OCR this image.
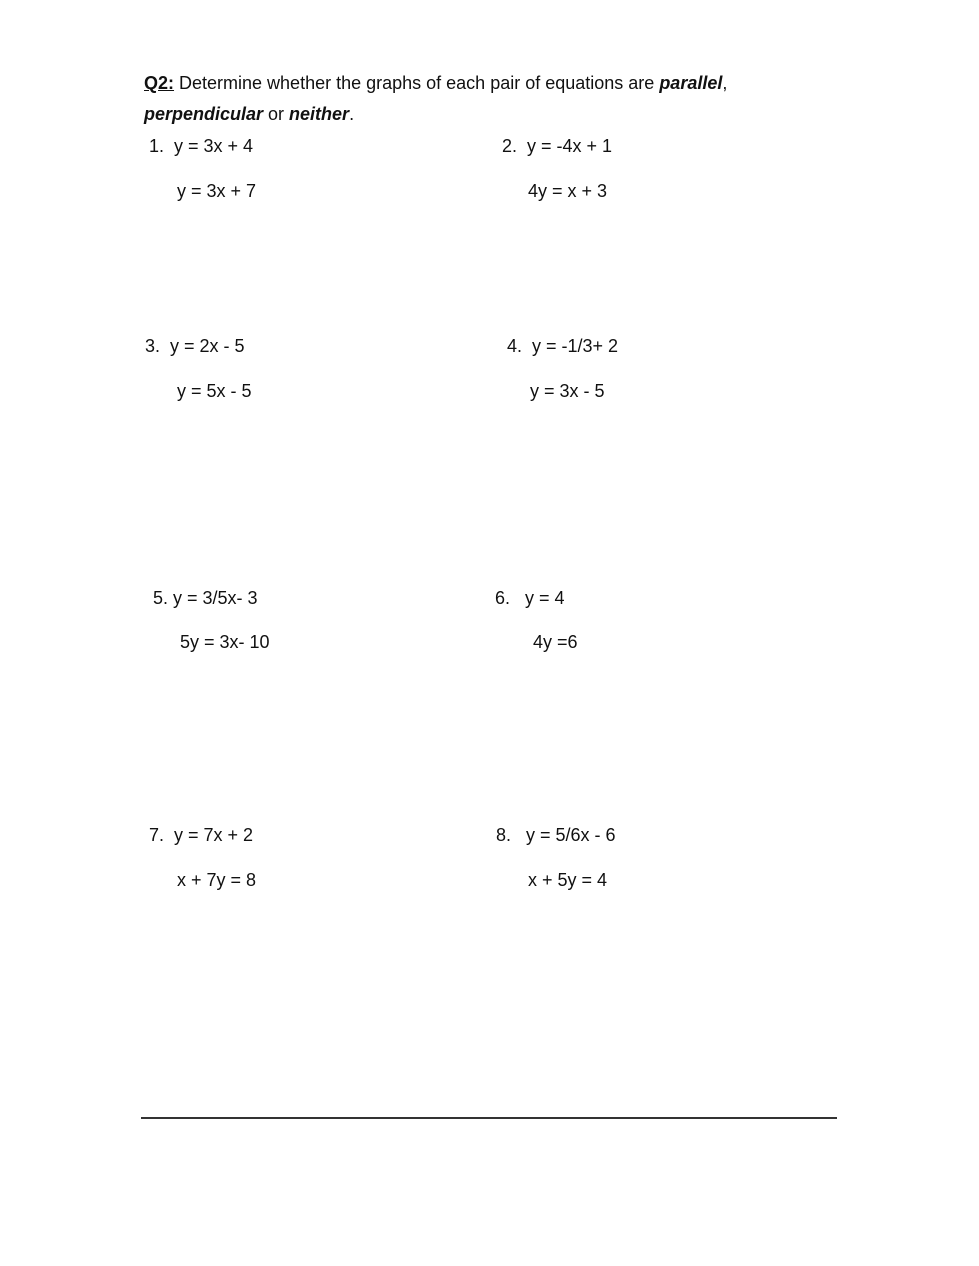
Q2: Determine whether the graphs of each pair of equations are parallel,
perpendicular or neither.
1.  y = 3x + 4
y = 3x + 7
2.  y = -4x + 1
4y = x + 3
3.  y = 2x - 5
y = 5x - 5
4.  y = -1/3+ 2
y = 3x - 5
5. y = 3/5x- 3
5y = 3x- 10
6.   y = 4
4y =6
7.  y = 7x + 2
x + 7y = 8
8.   y = 5/6x - 6
x + 5y = 4
